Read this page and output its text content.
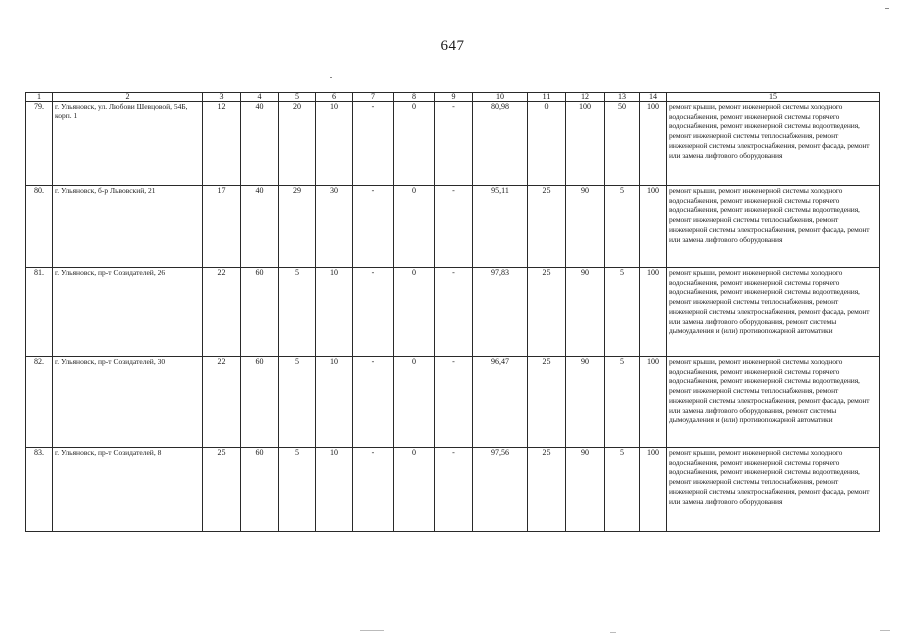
647
1	2	3	4	5	6	7	8	9	10	11	12	13	14	15
79.	г. Ульяновск, ул. Любови Шевцовой, 54Б, корп. 1	12	40	20	10	-	0	-	80,98	0	100	50	100	ремонт крыши, ремонт инженерной системы холодного водоснабжения, ремонт инженерной системы горячего водоснабжения, ремонт инженерной системы водоотведения, ремонт инженерной системы теплоснабжения, ремонт инженерной системы электроснабжения, ремонт фасада, ремонт или замена лифтового оборудования
80.	г. Ульяновск, б-р Львовский, 21	17	40	29	30	-	0	-	95,11	25	90	5	100	ремонт крыши, ремонт инженерной системы холодного водоснабжения, ремонт инженерной системы горячего водоснабжения, ремонт инженерной системы водоотведения, ремонт инженерной системы теплоснабжения, ремонт инженерной системы электроснабжения, ремонт фасада, ремонт или замена лифтового оборудования
81.	г. Ульяновск, пр-т Созидателей, 26	22	60	5	10	-	0	-	97,83	25	90	5	100	ремонт крыши, ремонт инженерной системы холодного водоснабжения, ремонт инженерной системы горячего водоснабжения, ремонт инженерной системы водоотведения, ремонт инженерной системы теплоснабжения, ремонт инженерной системы электроснабжения, ремонт фасада, ремонт или замена лифтового оборудования, ремонт системы дымоудаления и (или) противопожарной автоматики
82.	г. Ульяновск, пр-т Созидателей, 30	22	60	5	10	-	0	-	96,47	25	90	5	100	ремонт крыши, ремонт инженерной системы холодного водоснабжения, ремонт инженерной системы горячего водоснабжения, ремонт инженерной системы водоотведения, ремонт инженерной системы теплоснабжения, ремонт инженерной системы электроснабжения, ремонт фасада, ремонт или замена лифтового оборудования, ремонт системы дымоудаления и (или) противопожарной автоматики
83.	г. Ульяновск, пр-т Созидателей, 8	25	60	5	10	-	0	-	97,56	25	90	5	100	ремонт крыши, ремонт инженерной системы холодного водоснабжения, ремонт инженерной системы горячего водоснабжения, ремонт инженерной системы водоотведения, ремонт инженерной системы теплоснабжения, ремонт инженерной системы электроснабжения, ремонт фасада, ремонт или замена лифтового оборудования
